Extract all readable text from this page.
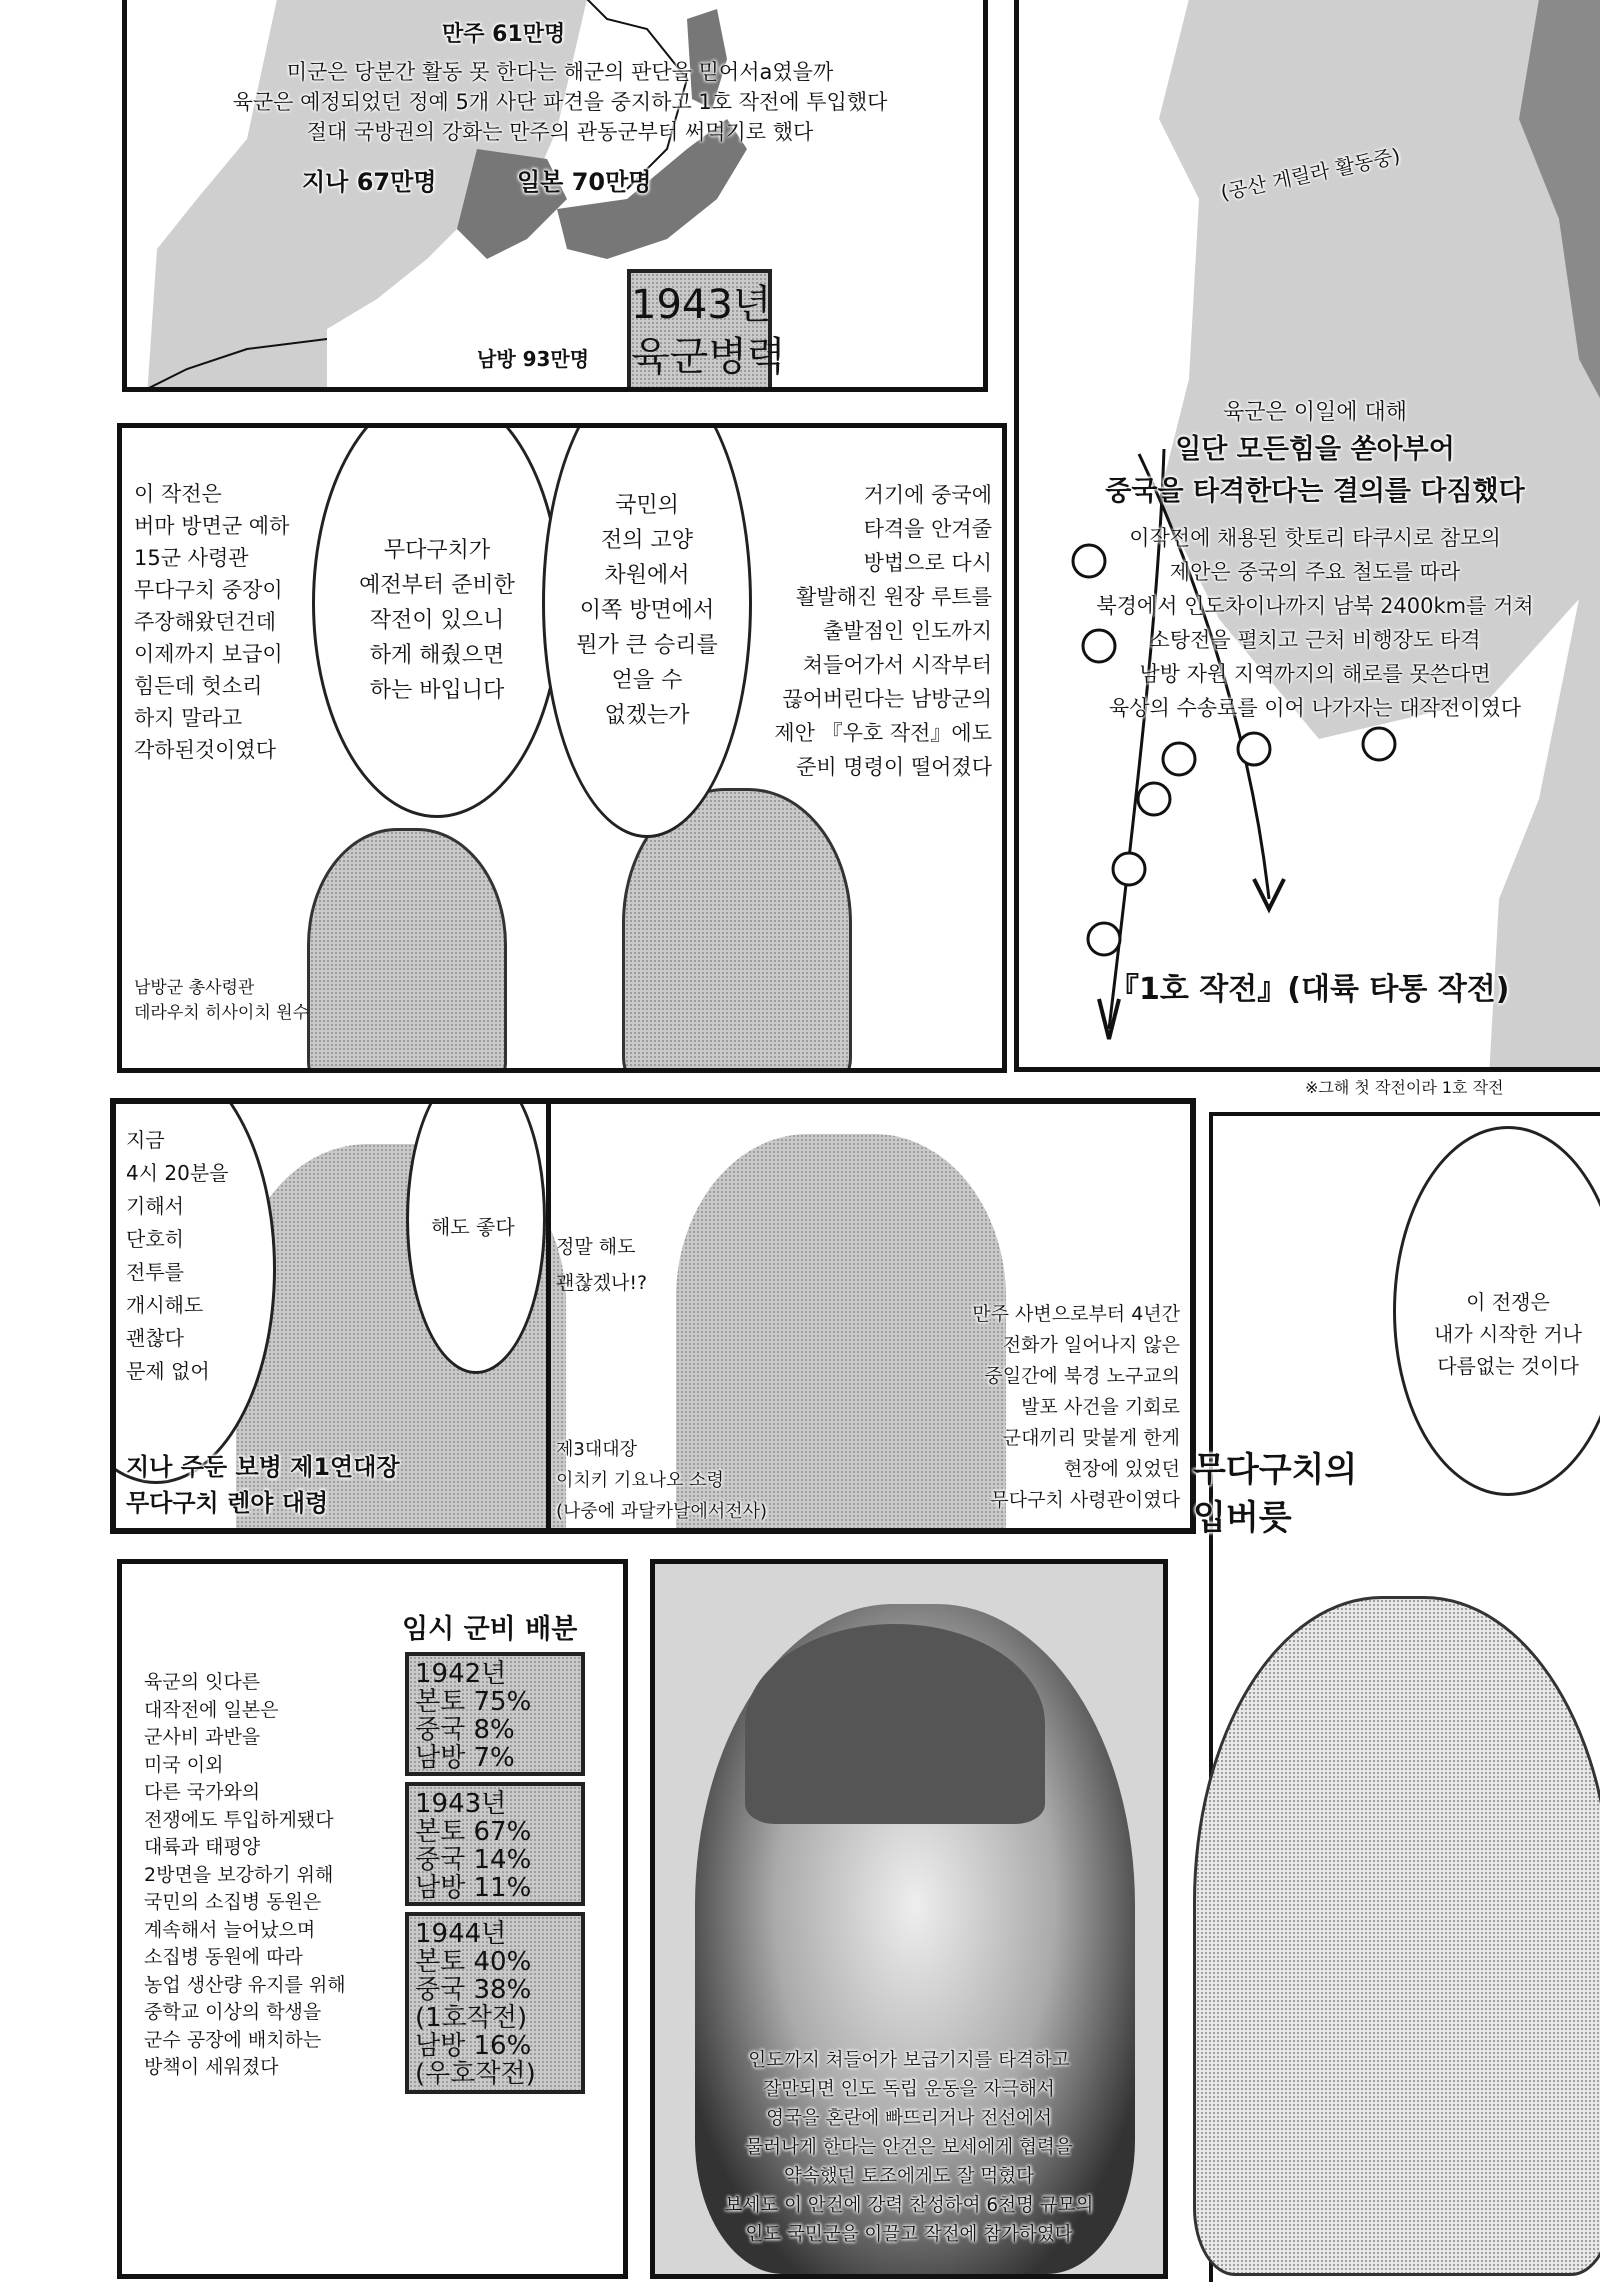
만주 61만명
미군은 당분간 활동 못 한다는 해군의 판단을 믿어서a였을까
육군은 예정되었던 정예 5개 사단 파견을 중지하고 1호 작전에 투입했다
절대 국방권의 강화는 만주의 관동군부터 써먹기로 했다
지나 67만명	일본 70만명
남방 93만명
1943년
육군병력
(공산 게릴라 활동중)
육군은 이일에 대해
일단 모든힘을 쏟아부어
중국을 타격한다는 결의를 다짐했다
이작전에 채용된 핫토리 타쿠시로 참모의
제안은 중국의 주요 철도를 따라
북경에서 인도차이나까지 남북 2400km를 거쳐
소탕전을 펼치고 근처 비행장도 타격
남방 자원 지역까지의 해로를 못쓴다면
육상의 수송로를 이어 나가자는 대작전이였다
『1호 작전』(대륙 타통 작전)
※그해 첫 작전이라 1호 작전
이 작전은
버마 방면군 예하
15군 사령관
무다구치 중장이
주장해왔던건데
이제까지 보급이
힘든데 헛소리
하지 말라고
각하된것이였다
무다구치가
예전부터 준비한
작전이 있으니
하게 해줬으면
하는 바입니다
국민의
전의 고양
차원에서
이쪽 방면에서
뭔가 큰 승리를
얻을 수
없겠는가
거기에 중국에
타격을 안겨줄
방법으로 다시
활발해진 원장 루트를
출발점인 인도까지
쳐들어가서 시작부터
끊어버린다는 남방군의
제안 『우호 작전』에도
준비 명령이 떨어졌다
남방군 총사령관
데라우치 히사이치 원수
지금
4시 20분을
기해서
단호히
전투를
개시해도
괜찮다
문제 없어
해도 좋다
지나 주둔 보병 제1연대장
무다구치 렌야 대령
정말 해도
괜찮겠나!?
제3대대장
이치키 기요나오 소령
(나중에 과달카날에서전사)
만주 사변으로부터 4년간
전화가 일어나지 않은
중일간에 북경 노구교의
발포 사건을 기회로
군대끼리 맞붙게 한게
현장에 있었던
무다구치 사령관이였다
이 전쟁은
내가 시작한 거나
다름없는 것이다
무다구치의
입버릇
임시 군비 배분
육군의 잇다른
대작전에 일본은
군사비 과반을
미국 이외
다른 국가와의
전쟁에도 투입하게됐다
대륙과 태평양
2방면을 보강하기 위해
국민의 소집병 동원은
계속해서 늘어났으며
소집병 동원에 따라
농업 생산량 유지를 위해
중학교 이상의 학생을
군수 공장에 배치하는
방책이 세워졌다
1942년
본토 75%
중국 8%
남방 7%
1943년
본토 67%
중국 14%
남방 11%
1944년
본토 40%
중국 38%
(1호작전)
남방 16%
(우호작전)	인도까지 쳐들어가 보급기지를 타격하고
잘만되면 인도 독립 운동을 자극해서
영국을 혼란에 빠뜨리거나 전선에서
물러나게 한다는 안건은 보세에게 협력을
약속했던 토조에게도 잘 먹혔다
보세도 이 안건에 강력 찬성하여 6천명 규모의
인도 국민군을 이끌고 작전에 참가하였다
